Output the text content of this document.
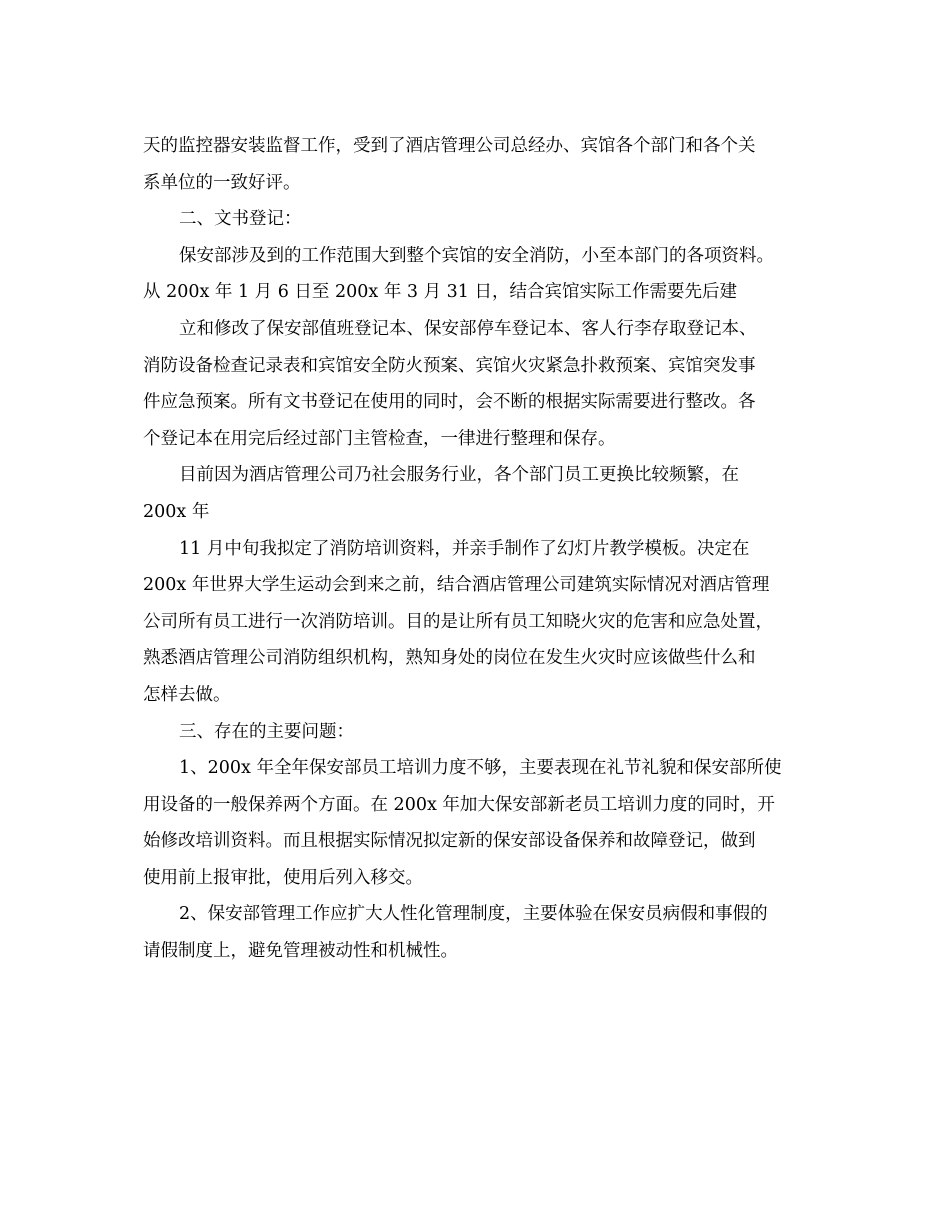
天的监控器安装监督工作，受到了酒店管理公司总经办、宾馆各个部门和各个关
系单位的一致好评。
二、文书登记：
保安部涉及到的工作范围大到整个宾馆的安全消防，小至本部门的各项资料。
从 200x 年 1 月 6 日至 200x 年 3 月 31 日，结合宾馆实际工作需要先后建
立和修改了保安部值班登记本、保安部停车登记本、客人行李存取登记本、
消防设备检查记录表和宾馆安全防火预案、宾馆火灾紧急扑救预案、宾馆突发事
件应急预案。所有文书登记在使用的同时，会不断的根据实际需要进行整改。各
个登记本在用完后经过部门主管检查，一律进行整理和保存。
目前因为酒店管理公司乃社会服务行业，各个部门员工更换比较频繁，在
200x 年
11 月中旬我拟定了消防培训资料，并亲手制作了幻灯片教学模板。决定在
200x 年世界大学生运动会到来之前，结合酒店管理公司建筑实际情况对酒店管理
公司所有员工进行一次消防培训。目的是让所有员工知晓火灾的危害和应急处置，
熟悉酒店管理公司消防组织机构，熟知身处的岗位在发生火灾时应该做些什么和
怎样去做。
三、存在的主要问题：
1、200x 年全年保安部员工培训力度不够，主要表现在礼节礼貌和保安部所使
用设备的一般保养两个方面。在 200x 年加大保安部新老员工培训力度的同时，开
始修改培训资料。而且根据实际情况拟定新的保安部设备保养和故障登记，做到
使用前上报审批，使用后列入移交。
2、保安部管理工作应扩大人性化管理制度，主要体验在保安员病假和事假的
请假制度上，避免管理被动性和机械性。
